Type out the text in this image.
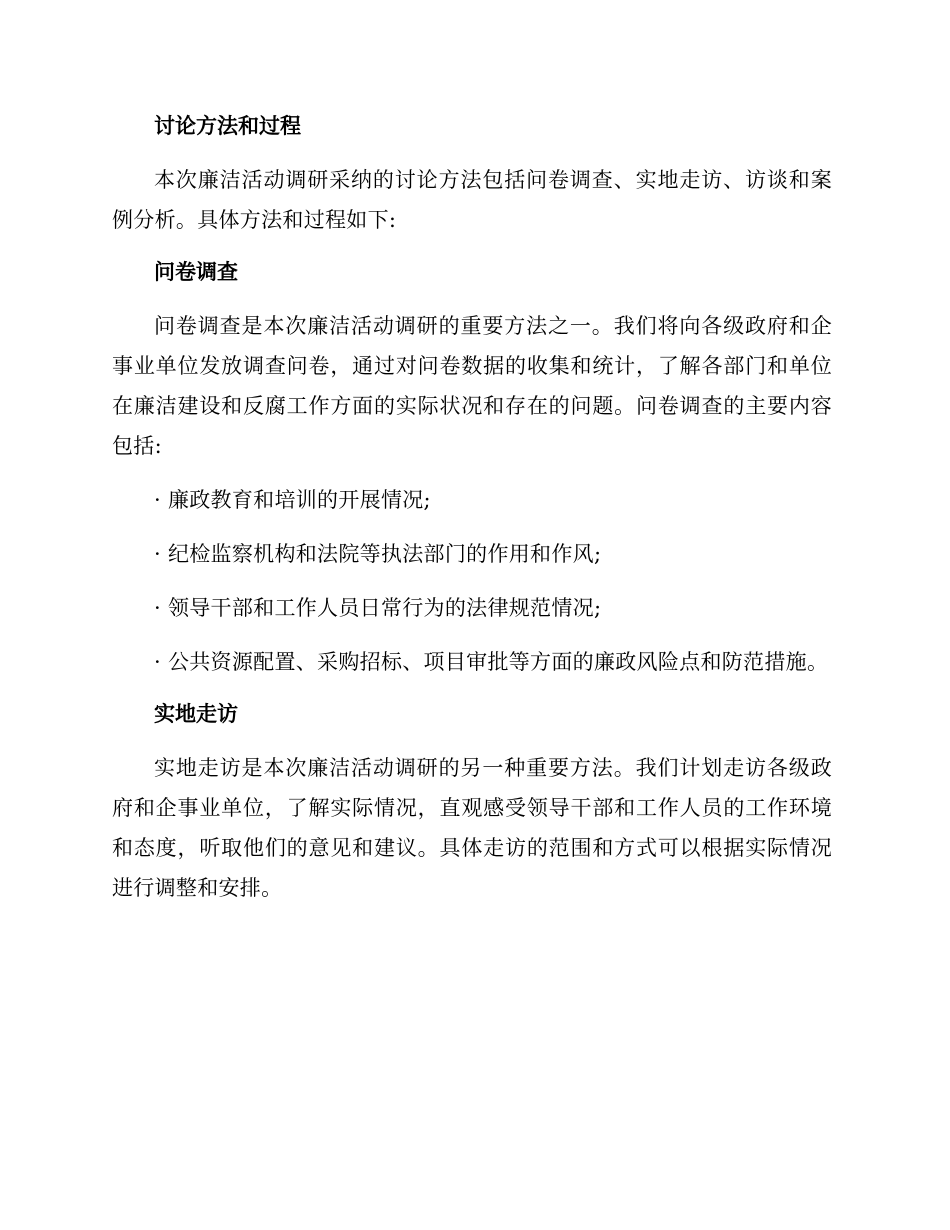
讨论方法和过程

本次廉洁活动调研采纳的讨论方法包括问卷调查、实地走访、访谈和案例分析。具体方法和过程如下:

问卷调查

问卷调查是本次廉洁活动调研的重要方法之一。我们将向各级政府和企事业单位发放调查问卷，通过对问卷数据的收集和统计，了解各部门和单位在廉洁建设和反腐工作方面的实际状况和存在的问题。问卷调查的主要内容包括:

· 廉政教育和培训的开展情况;

· 纪检监察机构和法院等执法部门的作用和作风;

· 领导干部和工作人员日常行为的法律规范情况;

· 公共资源配置、采购招标、项目审批等方面的廉政风险点和防范措施。

实地走访

实地走访是本次廉洁活动调研的另一种重要方法。我们计划走访各级政府和企事业单位，了解实际情况，直观感受领导干部和工作人员的工作环境和态度，听取他们的意见和建议。具体走访的范围和方式可以根据实际情况进行调整和安排。
